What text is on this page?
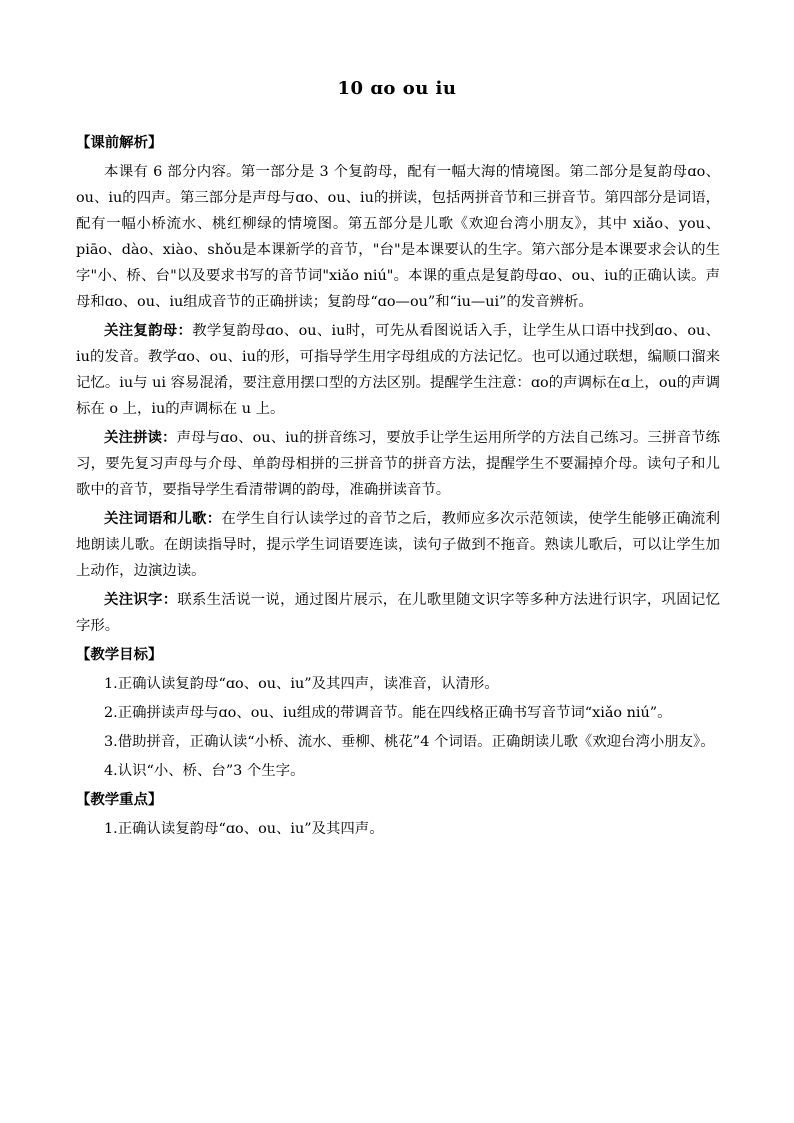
10 ɑo ou iu
【课前解析】

本课有 6 部分内容。第一部分是 3 个复韵母，配有一幅大海的情境图。第二部分是复韵母ɑo、ou、iu的四声。第三部分是声母与ɑo、ou、iu的拼读，包括两拼音节和三拼音节。第四部分是词语，配有一幅小桥流水、桃红柳绿的情境图。第五部分是儿歌《欢迎台湾小朋友》，其中 xiǎo、you、piāo、dào、xiào、shǒu是本课新学的音节，"台"是本课要认的生字。第六部分是本课要求会认的生字"小、桥、台"以及要求书写的音节词"xiǎo niú"。本课的重点是复韵母ɑo、ou、iu的正确认读。声母和ɑo、ou、iu组成音节的正确拼读；复韵母“ɑo—ou”和“iu—ui”的发音辨析。

关注复韵母：教学复韵母ɑo、ou、iu时，可先从看图说话入手，让学生从口语中找到ɑo、ou、iu的发音。教学ɑo、ou、iu的形，可指导学生用字母组成的方法记忆。也可以通过联想，编顺口溜来记忆。iu与 ui 容易混淆，要注意用摆口型的方法区别。提醒学生注意：ɑo的声调标在ɑ上，ou的声调标在 o 上，iu的声调标在 u 上。

关注拼读：声母与ɑo、ou、iu的拼音练习，要放手让学生运用所学的方法自己练习。三拼音节练习，要先复习声母与介母、单韵母相拼的三拼音节的拼音方法，提醒学生不要漏掉介母。读句子和儿歌中的音节，要指导学生看清带调的韵母，准确拼读音节。

关注词语和儿歌：在学生自行认读学过的音节之后，教师应多次示范领读，使学生能够正确流利地朗读儿歌。在朗读指导时，提示学生词语要连读，读句子做到不拖音。熟读儿歌后，可以让学生加上动作，边演边读。

关注识字：联系生活说一说，通过图片展示，在儿歌里随文识字等多种方法进行识字，巩固记忆字形。

【教学目标】

1.正确认读复韵母“ɑo、ou、iu”及其四声，读准音，认清形。

2.正确拼读声母与ɑo、ou、iu组成的带调音节。能在四线格正确书写音节词“xiǎo niú”。

3.借助拼音，正确认读“小桥、流水、垂柳、桃花”4 个词语。正确朗读儿歌《欢迎台湾小朋友》。

4.认识“小、桥、台”3 个生字。

【教学重点】

1.正确认读复韵母“ɑo、ou、iu”及其四声。
